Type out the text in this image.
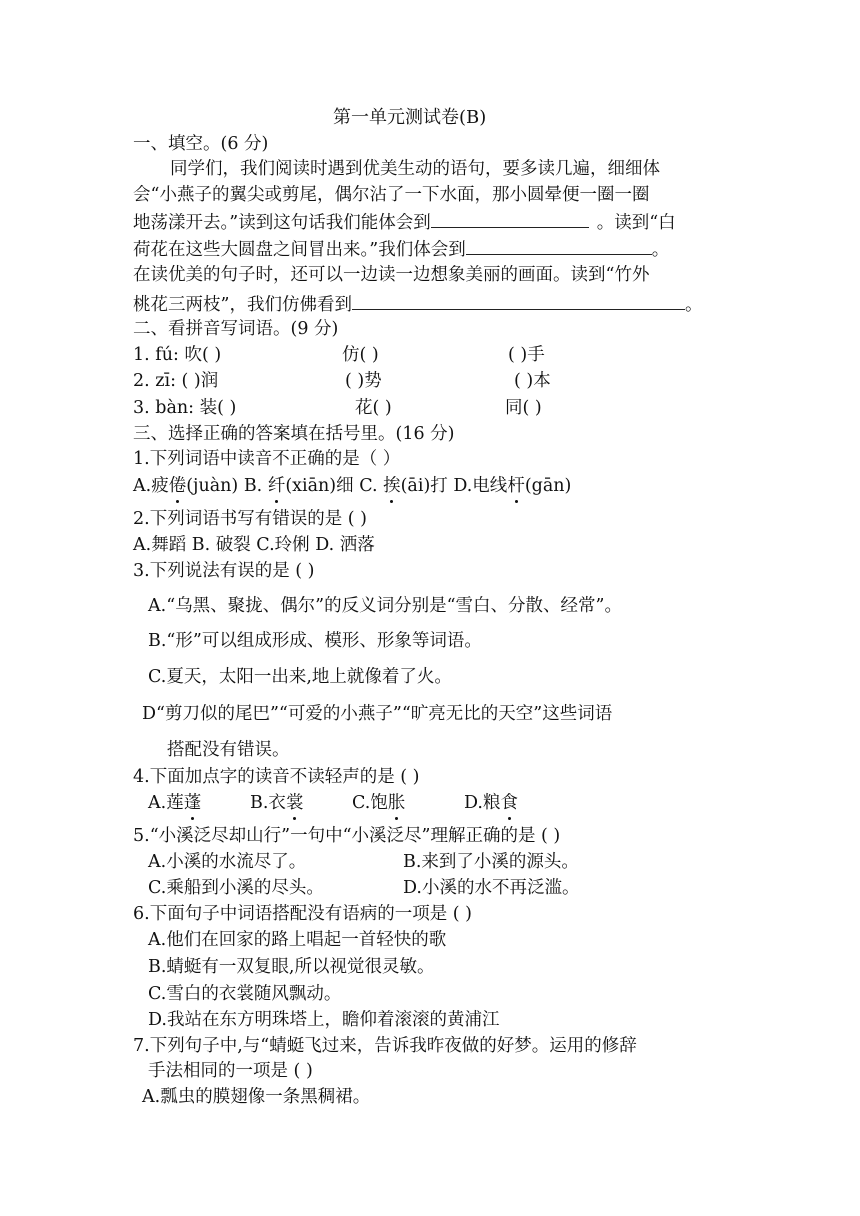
第一单元测试卷(B)
一、填空。(6 分)
同学们，我们阅读时遇到优美生动的语句，要多读几遍，细细体
会“小燕子的翼尖或剪尾，偶尔沾了一下水面，那小圆晕便一圈一圈
地荡漾开去。”读到这句话我们能体会到	。读到“白
荷花在这些大圆盘之间冒出来。”我们体会到	。
在读优美的句子时，还可以一边读一边想象美丽的画面。读到“竹外
桃花三两枝”，我们仿佛看到	。
二、看拼音写词语。(9 分)
1. fú: 吹( )	仿( )	( )手
2. zī: ( )润	( )势	( )本
3. bàn: 装( )	花( )	同( )
三、选择正确的答案填在括号里。(16 分)
1.下列词语中读音不正确的是（ ）
A.疲倦(juàn) B. 纤(xiān)细 C. 挨(āi)打 D.电线杆(gān)
2.下列词语书写有错误的是 ( )
A.舞蹈 B. 破裂 C.玲俐 D. 洒落
3.下列说法有误的是 ( )
A.“乌黑、聚拢、偶尔”的反义词分别是“雪白、分散、经常”。
B.“形”可以组成形成、模形、形象等词语。
C.夏天，太阳一出来,地上就像着了火。
D“剪刀似的尾巴”“可爱的小燕子”“旷亮无比的天空”这些词语
搭配没有错误。
4.下面加点字的读音不读轻声的是 ( )
A.莲蓬	B.衣裳	C.饱胀	D.粮食
5.“小溪泛尽却山行”一句中“小溪泛尽”理解正确的是 ( )
A.小溪的水流尽了。	B.来到了小溪的源头。
C.乘船到小溪的尽头。	D.小溪的水不再泛滥。
6.下面句子中词语搭配没有语病的一项是 ( )
A.他们在回家的路上唱起一首轻快的歌
B.蜻蜓有一双复眼,所以视觉很灵敏。
C.雪白的衣裳随风飘动。
D.我站在东方明珠塔上，瞻仰着滚滚的黄浦江
7.下列句子中,与“蜻蜓飞过来，告诉我昨夜做的好梦。运用的修辞
手法相同的一项是 ( )
A.瓢虫的膜翅像一条黑稠裙。
